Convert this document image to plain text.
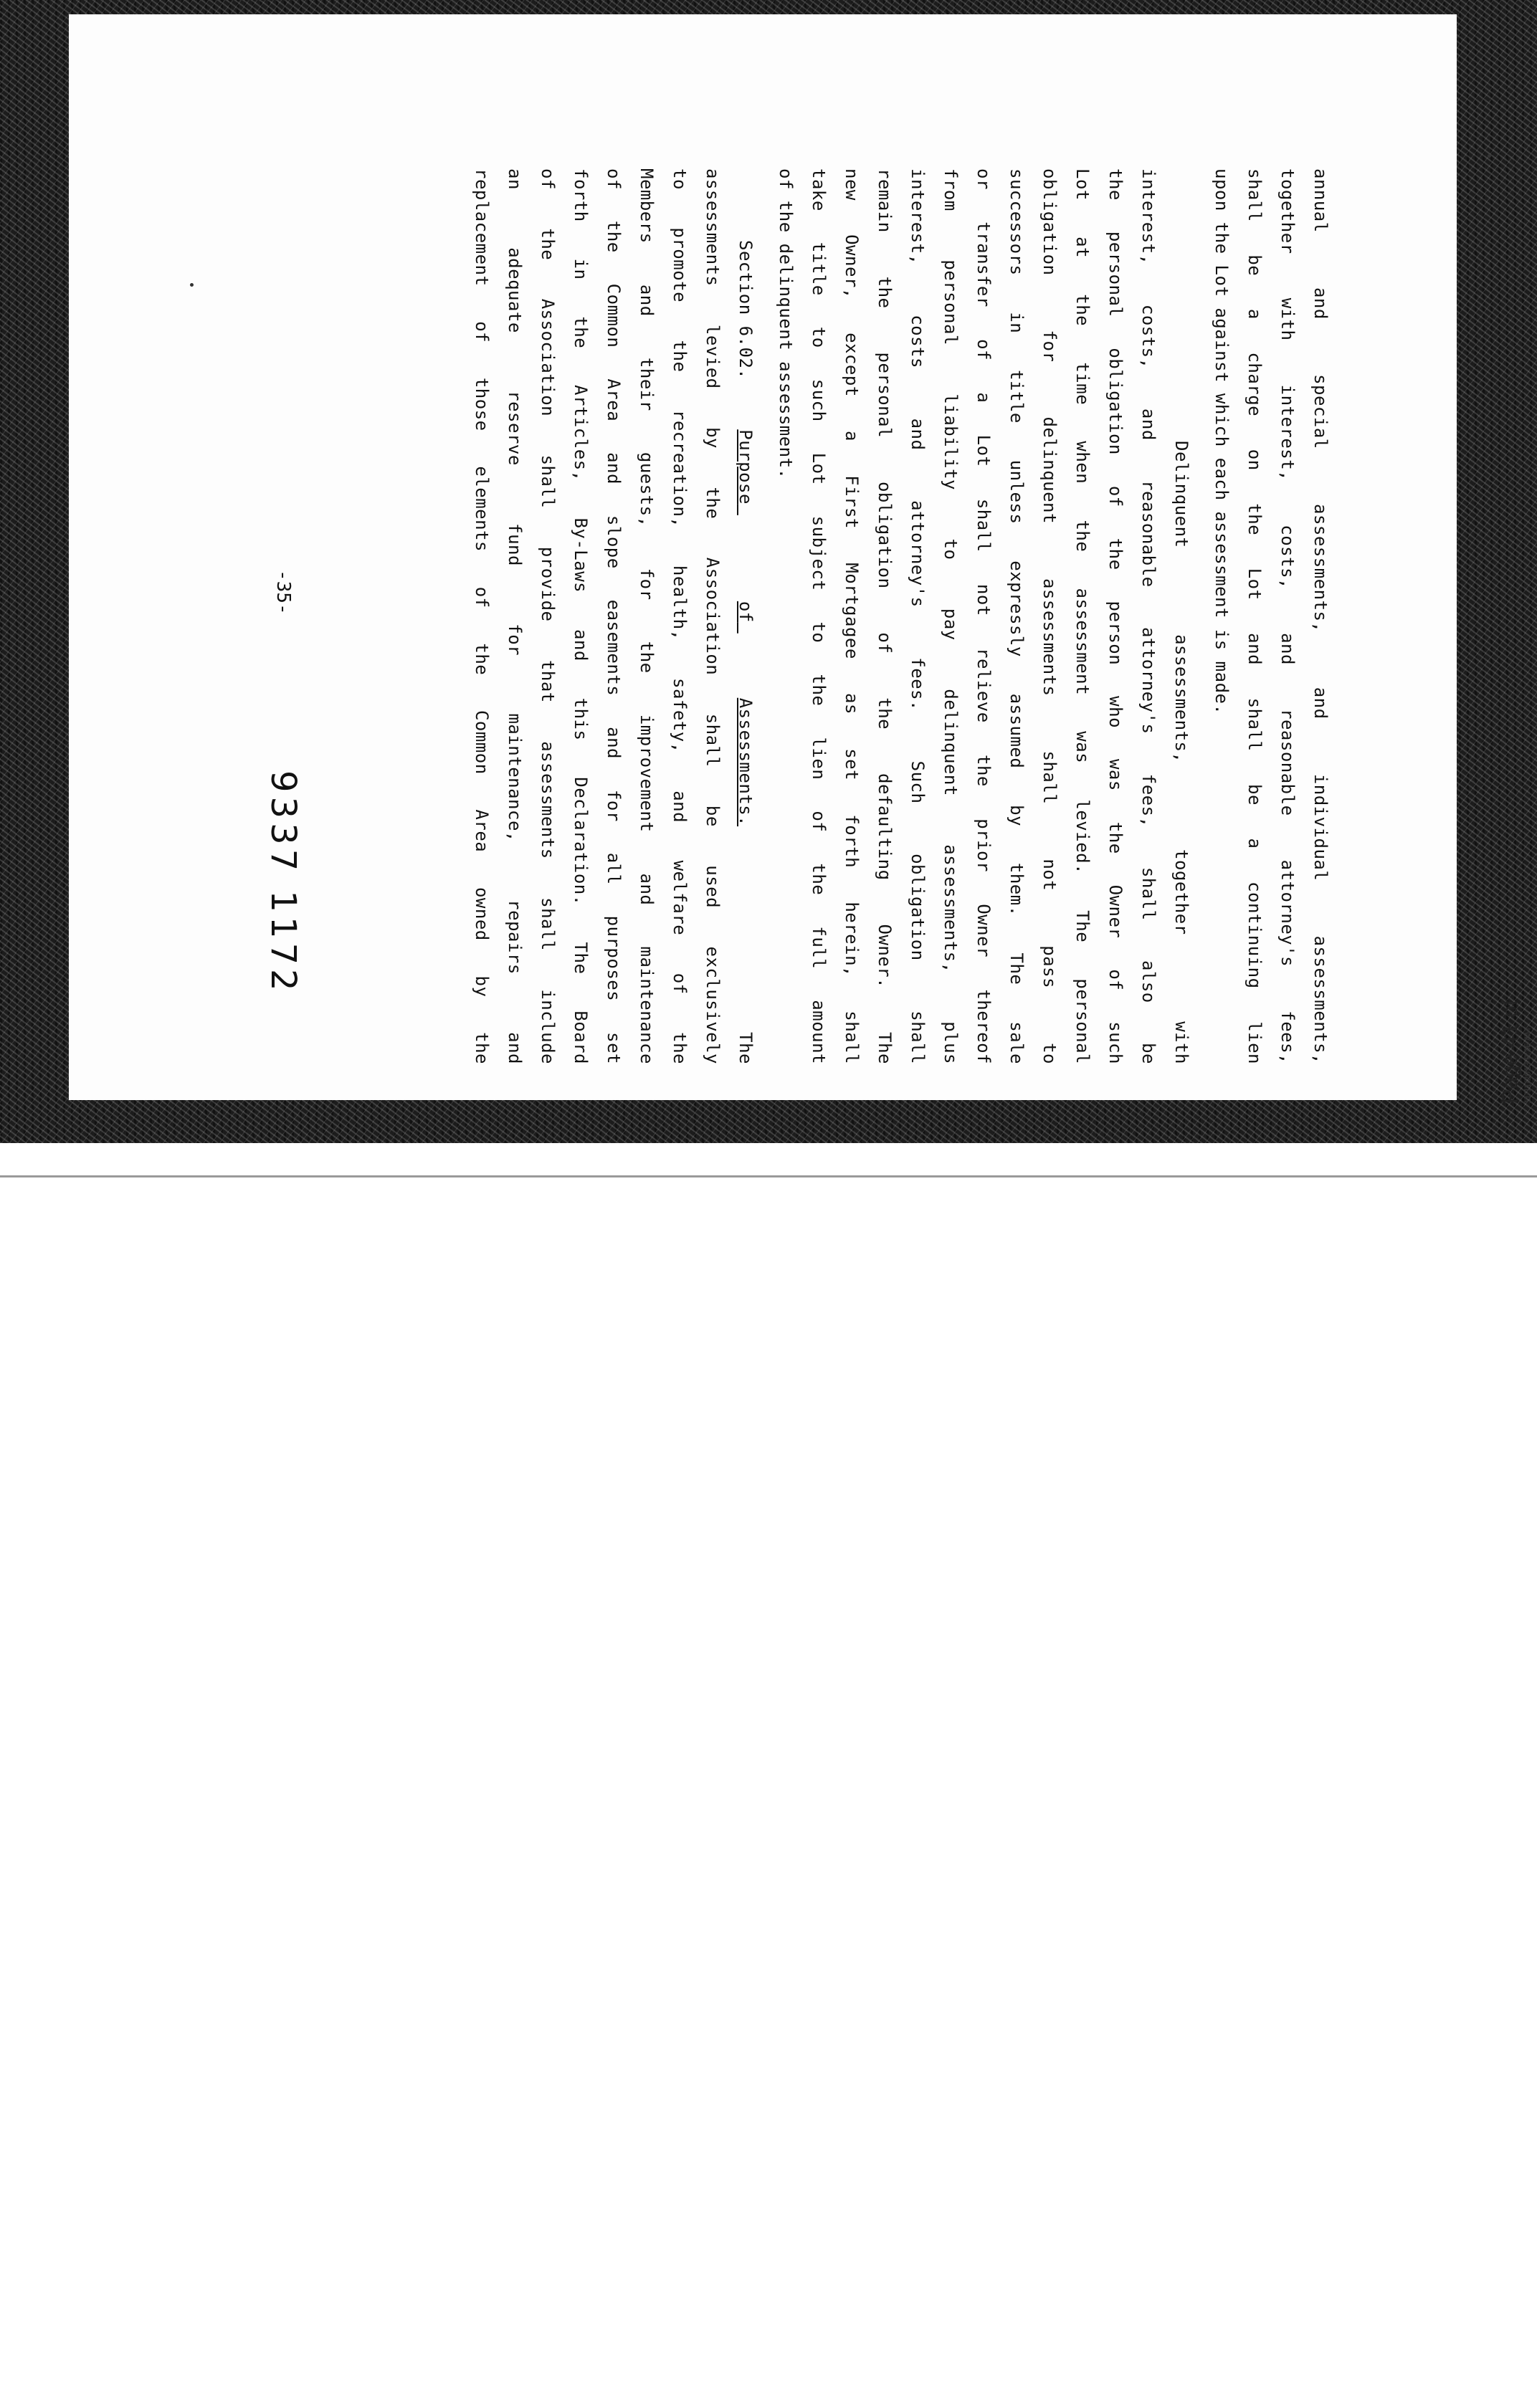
Page 41 of 11/11/2013 8:35 AM
annual and special assessments, and individual assessments,
together with interest, costs, and reasonable attorney's fees,
shall be a charge on the Lot and shall be a continuing lien
upon the Lot against which each assessment is made.
Delinquent assessments, together with
interest, costs, and reasonable attorney's fees, shall also be
the personal obligation of the person who was the Owner of such
Lot at the time when the assessment was levied. The personal
obligation for delinquent assessments shall not pass to
successors in title unless expressly assumed by them. The sale
or transfer of a Lot shall not relieve the prior Owner thereof
from personal liability to pay delinquent assessments, plus
interest, costs and attorney's fees. Such obligation shall
remain the personal obligation of the defaulting Owner. The
new Owner, except a First Mortgagee as set forth herein, shall
take title to such Lot subject to the lien of the full amount
of the delinquent assessment.
Section 6.02.  Purpose  of  Assessments.
The
assessments levied by the Association shall be used exclusively
to promote the recreation, health, safety, and welfare of the
Members and their guests, for the improvement and maintenance
of the Common Area and slope easements and for all purposes set
forth in the Articles, By-Laws and this Declaration. The Board
of the Association shall provide that assessments shall include
an adequate reserve fund for maintenance, repairs and
replacement of those elements of the Common Area owned by the
-35-
9337 1172
